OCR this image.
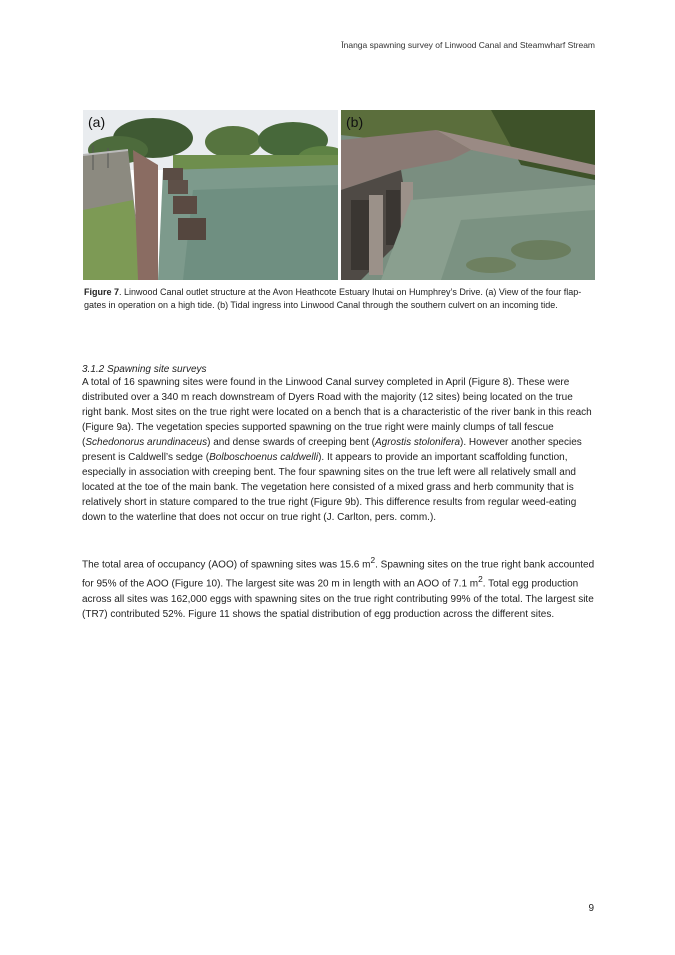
Īnanga spawning survey of Linwood Canal and Steamwharf Stream
(a)	(b)
Figure 7. Linwood Canal outlet structure at the Avon Heathcote Estuary Ihutai on Humphrey’s Drive. (a) View of the four flap-gates in operation on a high tide. (b) Tidal ingress into Linwood Canal through the southern culvert on an incoming tide.
3.1.2 Spawning site surveys
A total of 16 spawning sites were found in the Linwood Canal survey completed in April (Figure 8). These were distributed over a 340 m reach downstream of Dyers Road with the majority (12 sites) being located on the true right bank. Most sites on the true right were located on a bench that is a characteristic of the river bank in this reach (Figure 9a). The vegetation species supported spawning on the true right were mainly clumps of tall fescue (Schedonorus arundinaceus) and dense swards of creeping bent (Agrostis stolonifera). However another species present is Caldwell’s sedge (Bolboschoenus caldwelli). It appears to provide an important scaffolding function, especially in association with creeping bent. The four spawning sites on the true left were all relatively small and located at the toe of the main bank. The vegetation here consisted of a mixed grass and herb community that is relatively short in stature compared to the true right (Figure 9b). This difference results from regular weed-eating down to the waterline that does not occur on true right (J. Carlton, pers. comm.).
The total area of occupancy (AOO) of spawning sites was 15.6 $m^2$. Spawning sites on the true right bank accounted for 95% of the AOO (Figure 10). The largest site was 20 m in length with an AOO of 7.1 $m^2$. Total egg production across all sites was 162,000 eggs with spawning sites on the true right contributing 99% of the total. The largest site (TR7) contributed 52%. Figure 11 shows the spatial distribution of egg production across the different sites.
9
